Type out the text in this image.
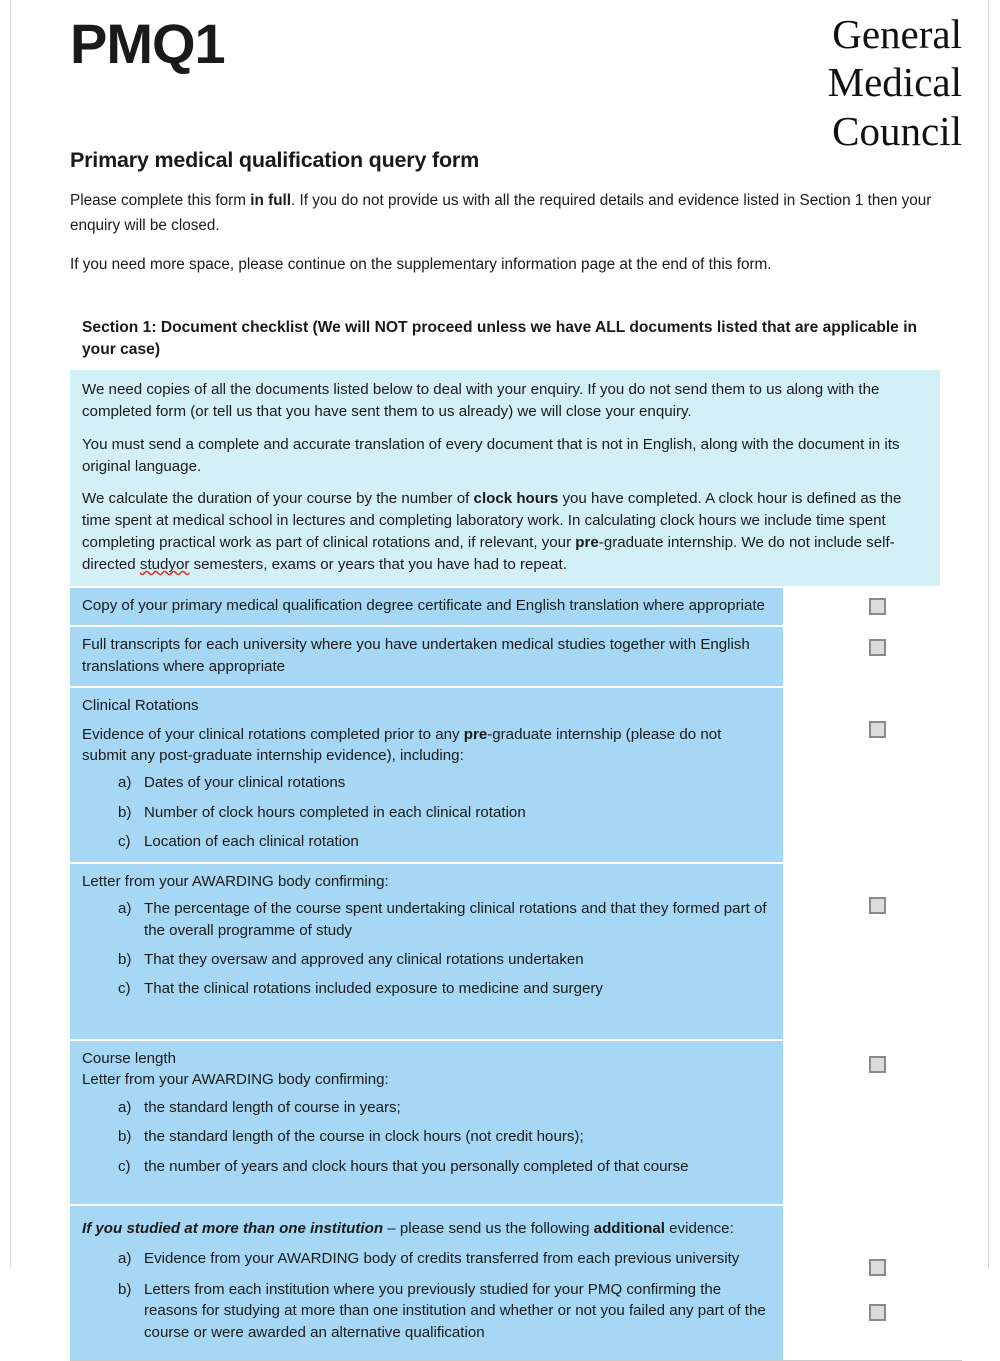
PMQ1	General
Medical
Council
Primary medical qualification query form

Please complete this form in full. If you do not provide us with all the required details and evidence listed in Section 1 then your enquiry will be closed.

If you need more space, please continue on the supplementary information page at the end of this form.

Section 1: Document checklist (We will NOT proceed unless we have ALL documents listed that are applicable in your case)

We need copies of all the documents listed below to deal with your enquiry. If you do not send them to us along with the completed form (or tell us that you have sent them to us already) we will close your enquiry.

You must send a complete and accurate translation of every document that is not in English, along with the document in its original language.

We calculate the duration of your course by the number of clock hours you have completed. A clock hour is defined as the time spent at medical school in lectures and completing laboratory work. In calculating clock hours we include time spent completing practical work as part of clinical rotations and, if relevant, your pre-graduate internship. We do not include self-directed studyor semesters, exams or years that you have had to repeat.

Copy of your primary medical qualification degree certificate and English translation where appropriate

Full transcripts for each university where you have undertaken medical studies together with English translations where appropriate

Clinical Rotations

Evidence of your clinical rotations completed prior to any pre-graduate internship (please do not submit any post-graduate internship evidence), including:

a) Dates of your clinical rotations
b) Number of clock hours completed in each clinical rotation
c) Location of each clinical rotation

Letter from your AWARDING body confirming:

a) The percentage of the course spent undertaking clinical rotations and that they formed part of the overall programme of study
b) That they oversaw and approved any clinical rotations undertaken
c) That the clinical rotations included exposure to medicine and surgery

Course length

Letter from your AWARDING body confirming:

a) the standard length of course in years;
b) the standard length of the course in clock hours (not credit hours);
c) the number of years and clock hours that you personally completed of that course

If you studied at more than one institution – please send us the following additional evidence:

a) Evidence from your AWARDING body of credits transferred from each previous university
b) Letters from each institution where you previously studied for your PMQ confirming the reasons for studying at more than one institution and whether or not you failed any part of the course or were awarded an alternative qualification
